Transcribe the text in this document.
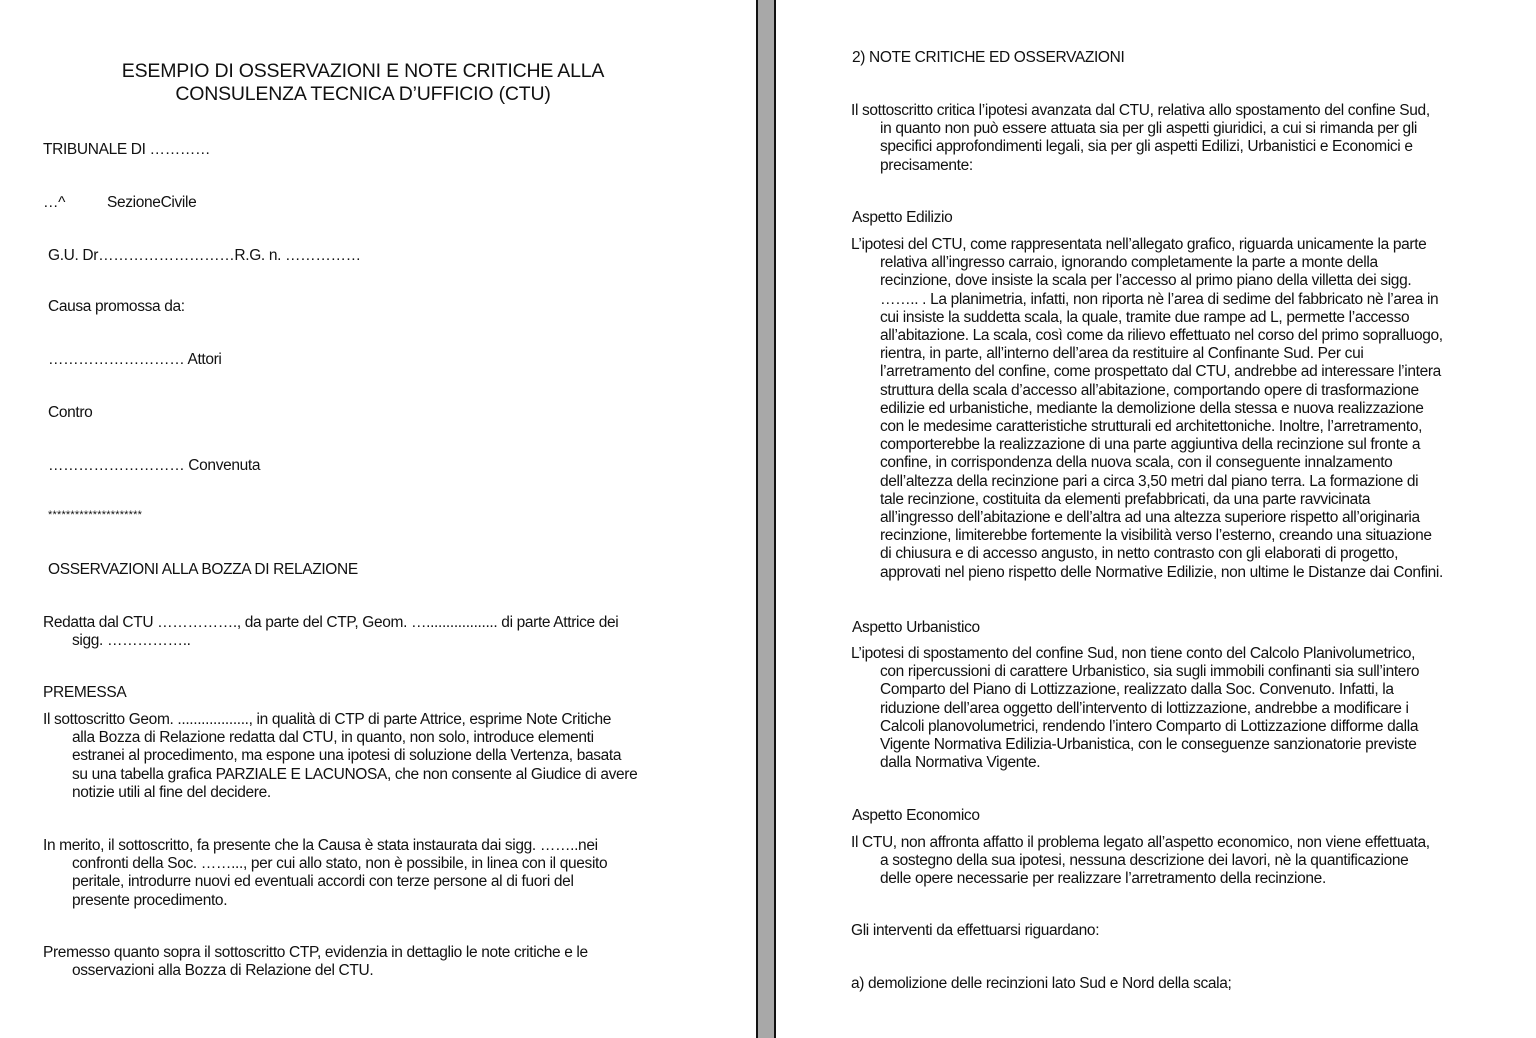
ESEMPIO DI OSSERVAZIONI E NOTE CRITICHE ALLA
CONSULENZA TECNICA D’UFFICIO (CTU)
TRIBUNALE DI …………
…^	SezioneCivile
G.U. Dr………………………R.G. n. ……………
Causa promossa da:
……………………… Attori
Contro
……………………… Convenuta
*********************
OSSERVAZIONI ALLA BOZZA DI RELAZIONE
Redatta dal CTU ……………., da parte del CTP, Geom. ….................. di parte Attrice dei
sigg. ……………..
PREMESSA
Il sottoscritto Geom. .................., in qualità di CTP di parte Attrice, esprime Note Critiche
alla Bozza di Relazione redatta dal CTU, in quanto, non solo, introduce elementi
estranei al procedimento, ma espone una ipotesi di soluzione della Vertenza, basata
su una tabella grafica PARZIALE E LACUNOSA, che non consente al Giudice di avere
notizie utili al fine del decidere.
In merito, il sottoscritto, fa presente che la Causa è stata instaurata dai sigg. ……..nei
confronti della Soc. ……..., per cui allo stato, non è possibile, in linea con il quesito
peritale, introdurre nuovi ed eventuali accordi con terze persone al di fuori del
presente procedimento.
Premesso quanto sopra il sottoscritto CTP, evidenzia in dettaglio le note critiche e le
osservazioni alla Bozza di Relazione del CTU.
2) NOTE CRITICHE ED OSSERVAZIONI
Il sottoscritto critica l’ipotesi avanzata dal CTU, relativa allo spostamento del confine Sud,
in quanto non può essere attuata sia per gli aspetti giuridici, a cui si rimanda per gli
specifici approfondimenti legali, sia per gli aspetti Edilizi, Urbanistici e Economici e
precisamente:
Aspetto Edilizio
L’ipotesi del CTU, come rappresentata nell’allegato grafico, riguarda unicamente la parte
relativa all’ingresso carraio, ignorando completamente la parte a monte della
recinzione, dove insiste la scala per l’accesso al primo piano della villetta dei sigg.
…….. . La planimetria, infatti, non riporta nè l’area di sedime del fabbricato nè l’area in
cui insiste la suddetta scala, la quale, tramite due rampe ad L, permette l’accesso
all’abitazione. La scala, così come da rilievo effettuato nel corso del primo sopralluogo,
rientra, in parte, all’interno dell’area da restituire al Confinante Sud. Per cui
l’arretramento del confine, come prospettato dal CTU, andrebbe ad interessare l’intera
struttura della scala d’accesso all’abitazione, comportando opere di trasformazione
edilizie ed urbanistiche, mediante la demolizione della stessa e nuova realizzazione
con le medesime caratteristiche strutturali ed architettoniche. Inoltre, l’arretramento,
comporterebbe la realizzazione di una parte aggiuntiva della recinzione sul fronte a
confine, in corrispondenza della nuova scala, con il conseguente innalzamento
dell’altezza della recinzione pari a circa 3,50 metri dal piano terra. La formazione di
tale recinzione, costituita da elementi prefabbricati, da una parte ravvicinata
all’ingresso dell’abitazione e dell’altra ad una altezza superiore rispetto all’originaria
recinzione, limiterebbe fortemente la visibilità verso l’esterno, creando una situazione
di chiusura e di accesso angusto, in netto contrasto con gli elaborati di progetto,
approvati nel pieno rispetto delle Normative Edilizie, non ultime le Distanze dai Confini.
Aspetto Urbanistico
L’ipotesi di spostamento del confine Sud, non tiene conto del Calcolo Planivolumetrico,
con ripercussioni di carattere Urbanistico, sia sugli immobili confinanti sia sull’intero
Comparto del Piano di Lottizzazione, realizzato dalla Soc. Convenuto. Infatti, la
riduzione dell’area oggetto dell’intervento di lottizzazione, andrebbe a modificare i
Calcoli planovolumetrici, rendendo l’intero Comparto di Lottizzazione difforme dalla
Vigente Normativa Edilizia-Urbanistica, con le conseguenze sanzionatorie previste
dalla Normativa Vigente.
Aspetto Economico
Il CTU, non affronta affatto il problema legato all’aspetto economico, non viene effettuata,
a sostegno della sua ipotesi, nessuna descrizione dei lavori, nè la quantificazione
delle opere necessarie per realizzare l’arretramento della recinzione.
Gli interventi da effettuarsi riguardano:
a) demolizione delle recinzioni lato Sud e Nord della scala;
